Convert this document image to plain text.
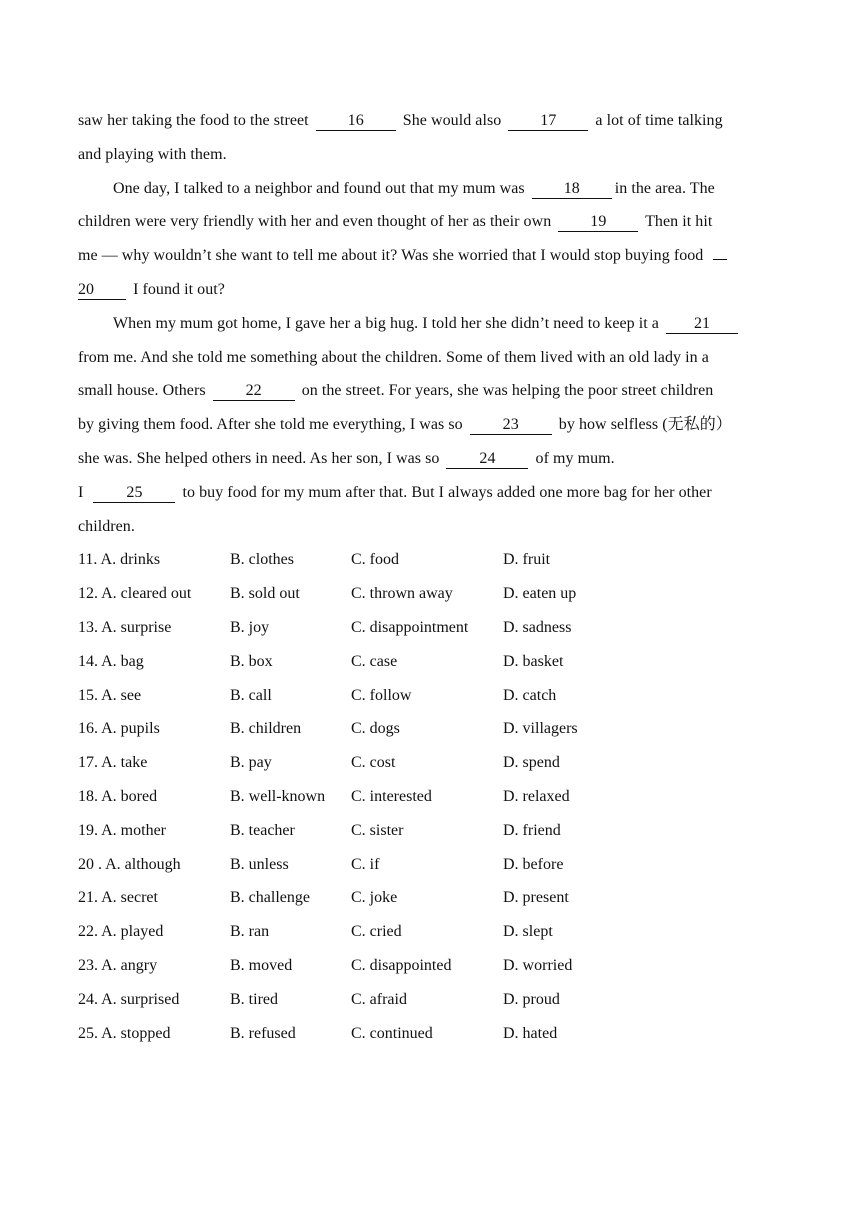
saw her taking the food to the street 16 She would also 17 a lot of time talking
and playing with them.
One day, I talked to a neighbor and found out that my mum was 18 in the area. The
children were very friendly with her and even thought of her as their own 19 Then it hit
me — why wouldn’t she want to tell me about it? Was she worried that I would stop buying food
20 I found it out?
When my mum got home, I gave her a big hug. I told her she didn’t need to keep it a 21
from me. And she told me something about the children. Some of them lived with an old lady in a
small house. Others	22	on the street. For years, she was helping the poor street children
by giving them food. After she told me everything, I was so	23	by how selfless (无私的）
she was. She helped others in need. As her son, I was so	24	of my mum.
I	25	to buy food for my mum after that. But I always added one more bag for her other
children.
11. A. drinks	B. clothes	C. food	D. fruit
12. A. cleared out B. sold out	C. thrown away	D. eaten up
13. A. surprise	B. joy	C. disappointment D. sadness
14. A. bag	B. box	C. case	D. basket
15. A. see	B. call	C. follow	D. catch
16. A. pupils	B. children	C. dogs	D. villagers
17. A. take	B. pay	C. cost	D. spend
18. A. bored	B. well-known C. interested	D. relaxed
19. A. mother	B. teacher	C. sister	D. friend
20 . A. although	B. unless	C. if	D. before
21. A. secret	B. challenge	C. joke	D. present
22. A. played	B. ran	C. cried	D. slept
23. A. angry	B. moved	C. disappointed	D. worried
24. A. surprised	B. tired	C. afraid	D. proud
25. A. stopped	B. refused	C. continued	D. hated
